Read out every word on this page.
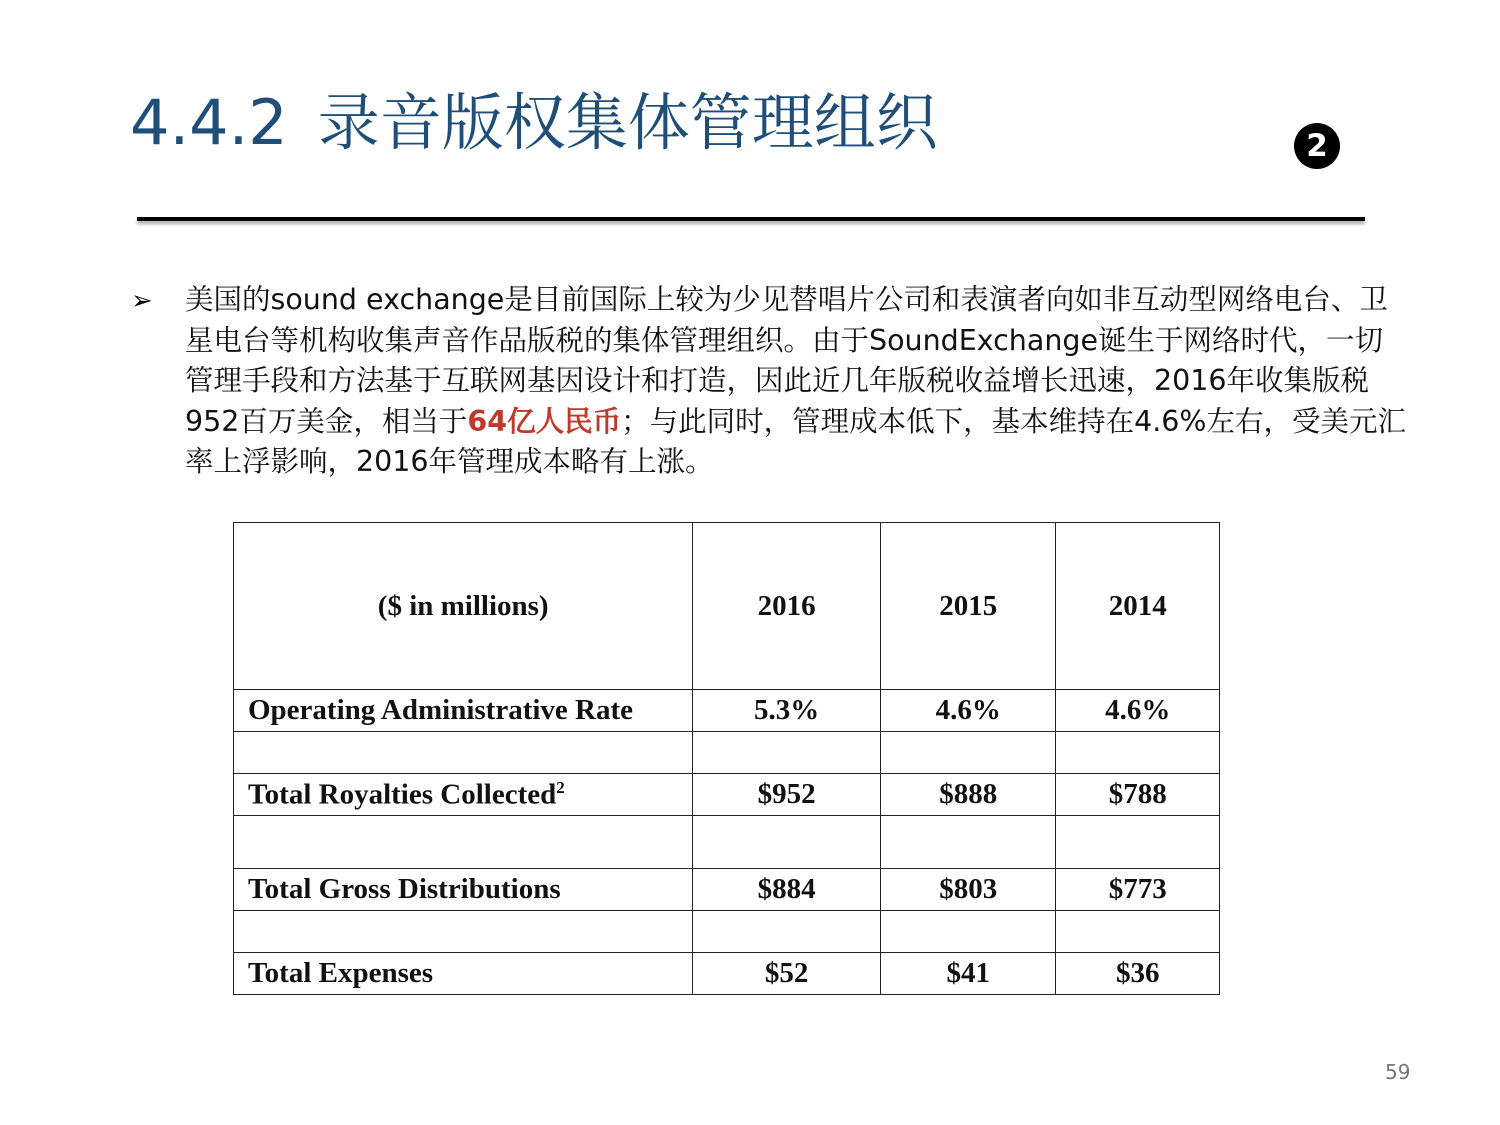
4.4.2 录音版权集体管理组织	2
➢ 美国的sound exchange是目前国际上较为少见替唱片公司和表演者向如非互动型网络电台、卫星电台等机构收集声音作品版税的集体管理组织。由于SoundExchange诞生于网络时代，一切管理手段和方法基于互联网基因设计和打造，因此近几年版税收益增长迅速，2016年收集版税952百万美金，相当于64亿人民币；与此同时，管理成本低下，基本维持在4.6%左右，受美元汇率上浮影响，2016年管理成本略有上涨。
($ in millions)	2016	2015	2014
Operating Administrative Rate	5.3%	4.6%	4.6%

Total Royalties Collected$^2$	$952	$888	$788

Total Gross Distributions	$884	$803	$773

Total Expenses	$52	$41	$36
59
